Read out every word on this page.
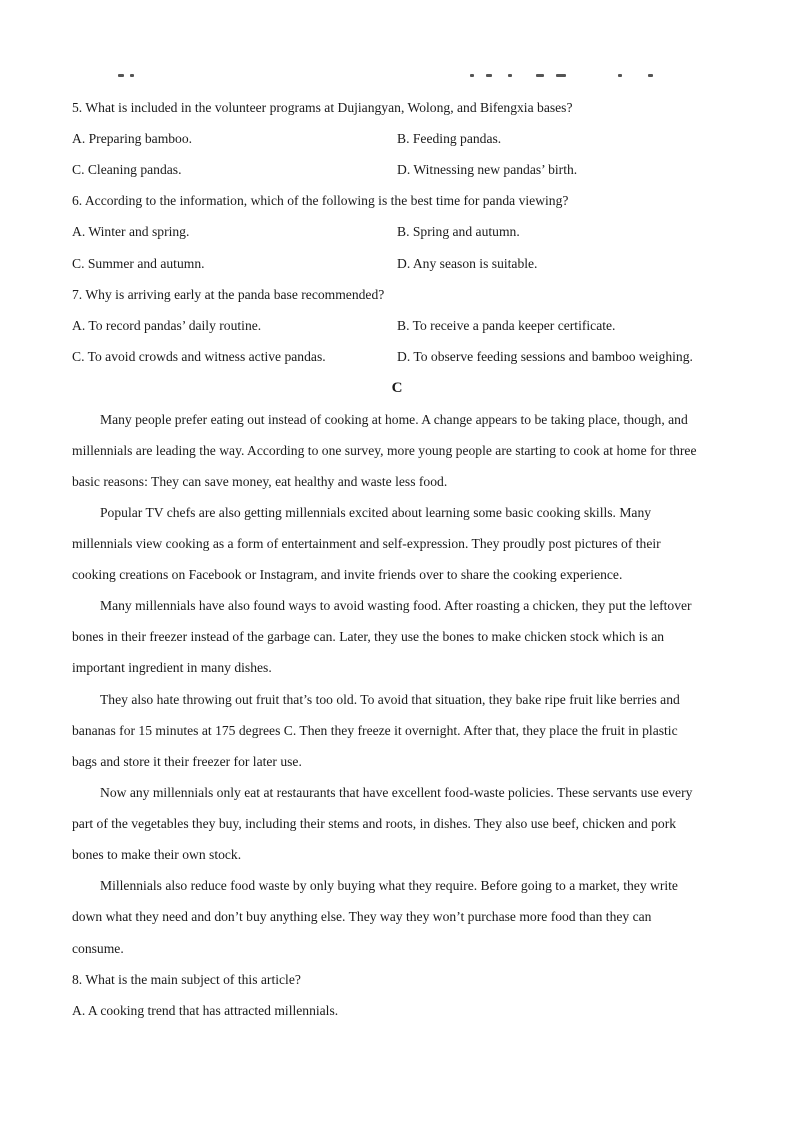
5. What is included in the volunteer programs at Dujiangyan, Wolong, and Bifengxia bases?
A. Preparing bamboo.	B. Feeding pandas.
C. Cleaning pandas.	D. Witnessing new pandas’ birth.
6. According to the information, which of the following is the best time for panda viewing?
A. Winter and spring.	B. Spring and autumn.
C. Summer and autumn.	D. Any season is suitable.
7. Why is arriving early at the panda base recommended?
A. To record pandas’ daily routine.	B. To receive a panda keeper certificate.
C. To avoid crowds and witness active pandas.	D. To observe feeding sessions and bamboo weighing.
C
Many people prefer eating out instead of cooking at home. A change appears to be taking place, though, and
millennials are leading the way. According to one survey, more young people are starting to cook at home for three
basic reasons: They can save money, eat healthy and waste less food.
Popular TV chefs are also getting millennials excited about learning some basic cooking skills. Many
millennials view cooking as a form of entertainment and self-expression. They proudly post pictures of their
cooking creations on Facebook or Instagram, and invite friends over to share the cooking experience.
Many millennials have also found ways to avoid wasting food. After roasting a chicken, they put the leftover
bones in their freezer instead of the garbage can. Later, they use the bones to make chicken stock which is an
important ingredient in many dishes.
They also hate throwing out fruit that’s too old. To avoid that situation, they bake ripe fruit like berries and
bananas for 15 minutes at 175 degrees C. Then they freeze it overnight. After that, they place the fruit in plastic
bags and store it their freezer for later use.
Now any millennials only eat at restaurants that have excellent food-waste policies. These servants use every
part of the vegetables they buy, including their stems and roots, in dishes. They also use beef, chicken and pork
bones to make their own stock.
Millennials also reduce food waste by only buying what they require. Before going to a market, they write
down what they need and don’t buy anything else. They way they won’t purchase more food than they can
consume.
8. What is the main subject of this article?
A. A cooking trend that has attracted millennials.
